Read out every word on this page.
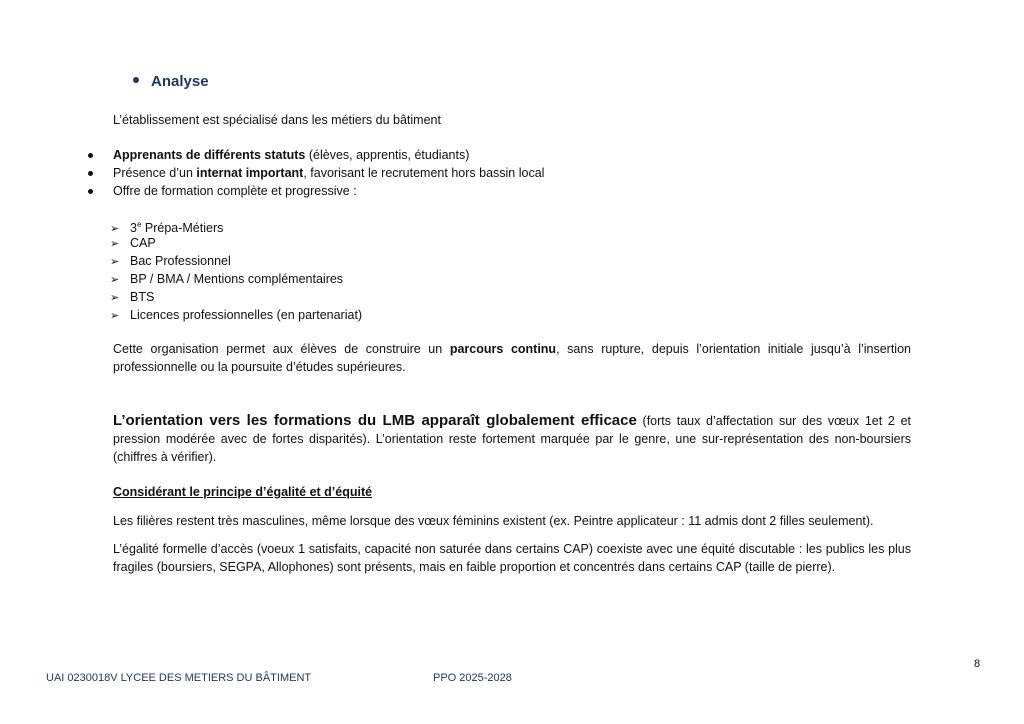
Analyse
L’établissement est spécialisé dans les métiers du bâtiment
Apprenants de différents statuts (élèves, apprentis, étudiants)
Présence d’un internat important, favorisant le recrutement hors bassin local
Offre de formation complète et progressive :
➢ 3e Prépa-Métiers
➢ CAP
➢ Bac Professionnel
➢ BP / BMA / Mentions complémentaires
➢ BTS
➢ Licences professionnelles (en partenariat)
Cette organisation permet aux élèves de construire un parcours continu, sans rupture, depuis l’orientation initiale jusqu’à l’insertion professionnelle ou la poursuite d’études supérieures.
L’orientation vers les formations du LMB apparaît globalement efficace (forts taux d’affectation sur des vœux 1et 2 et pression modérée avec de fortes disparités). L’orientation reste fortement marquée par le genre, une sur-représentation des non-boursiers (chiffres à vérifier).
Considérant le principe d’égalité et d’équité
Les filières restent très masculines, même lorsque des vœux féminins existent (ex. Peintre applicateur : 11 admis dont 2 filles seulement).
L’égalité formelle d’accès (voeux 1 satisfaits, capacité non saturée dans certains CAP) coexiste avec une équité discutable : les publics les plus fragiles (boursiers, SEGPA, Allophones) sont présents, mais en faible proportion et concentrés dans certains CAP (taille de pierre).
8
UAI 0230018V LYCEE DES METIERS DU BÂTIMENT	PPO 2025-2028
